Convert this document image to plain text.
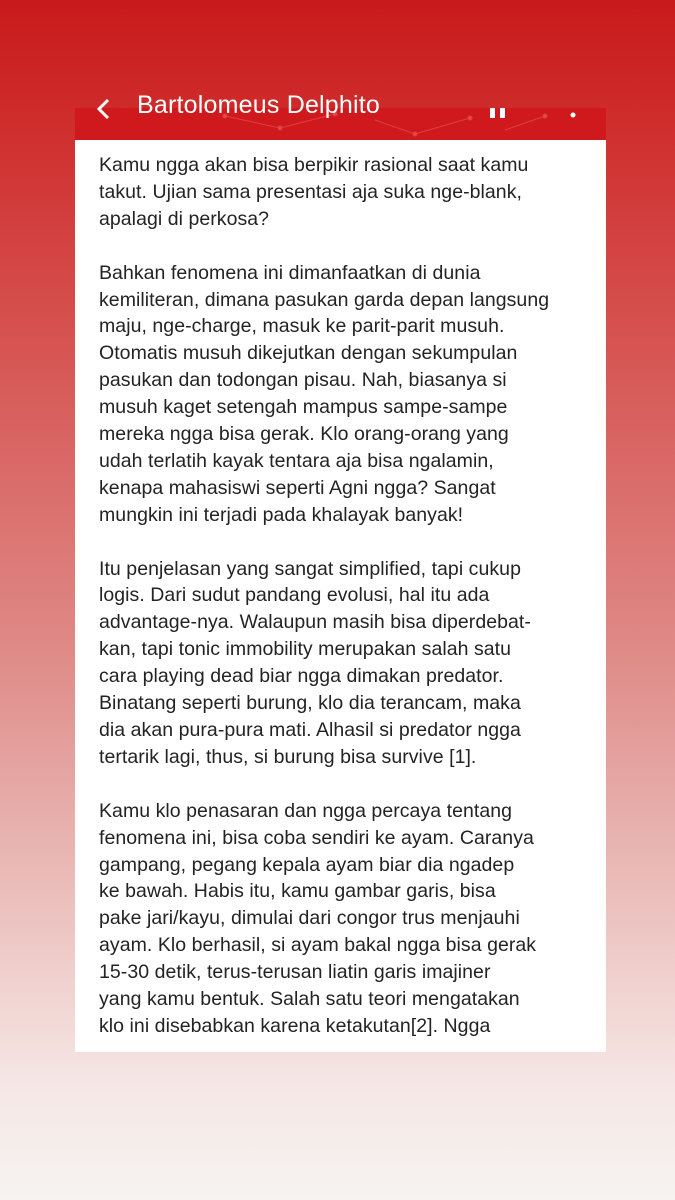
Bartolomeus Delphito

Kamu ngga akan bisa berpikir rasional saat kamu
takut. Ujian sama presentasi aja suka nge-blank,
apalagi di perkosa?

Bahkan fenomena ini dimanfaatkan di dunia
kemiliteran, dimana pasukan garda depan langsung
maju, nge-charge, masuk ke parit-parit musuh.
Otomatis musuh dikejutkan dengan sekumpulan
pasukan dan todongan pisau. Nah, biasanya si
musuh kaget setengah mampus sampe-sampe
mereka ngga bisa gerak. Klo orang-orang yang
udah terlatih kayak tentara aja bisa ngalamin,
kenapa mahasiswi seperti Agni ngga? Sangat
mungkin ini terjadi pada khalayak banyak!

Itu penjelasan yang sangat simplified, tapi cukup
logis. Dari sudut pandang evolusi, hal itu ada
advantage-nya. Walaupun masih bisa diperdebat-
kan, tapi tonic immobility merupakan salah satu
cara playing dead biar ngga dimakan predator.
Binatang seperti burung, klo dia terancam, maka
dia akan pura-pura mati. Alhasil si predator ngga
tertarik lagi, thus, si burung bisa survive [1].

Kamu klo penasaran dan ngga percaya tentang
fenomena ini, bisa coba sendiri ke ayam. Caranya
gampang, pegang kepala ayam biar dia ngadep
ke bawah. Habis itu, kamu gambar garis, bisa
pake jari/kayu, dimulai dari congor trus menjauhi
ayam. Klo berhasil, si ayam bakal ngga bisa gerak
15-30 detik, terus-terusan liatin garis imajiner
yang kamu bentuk. Salah satu teori mengatakan
klo ini disebabkan karena ketakutan[2]. Ngga
